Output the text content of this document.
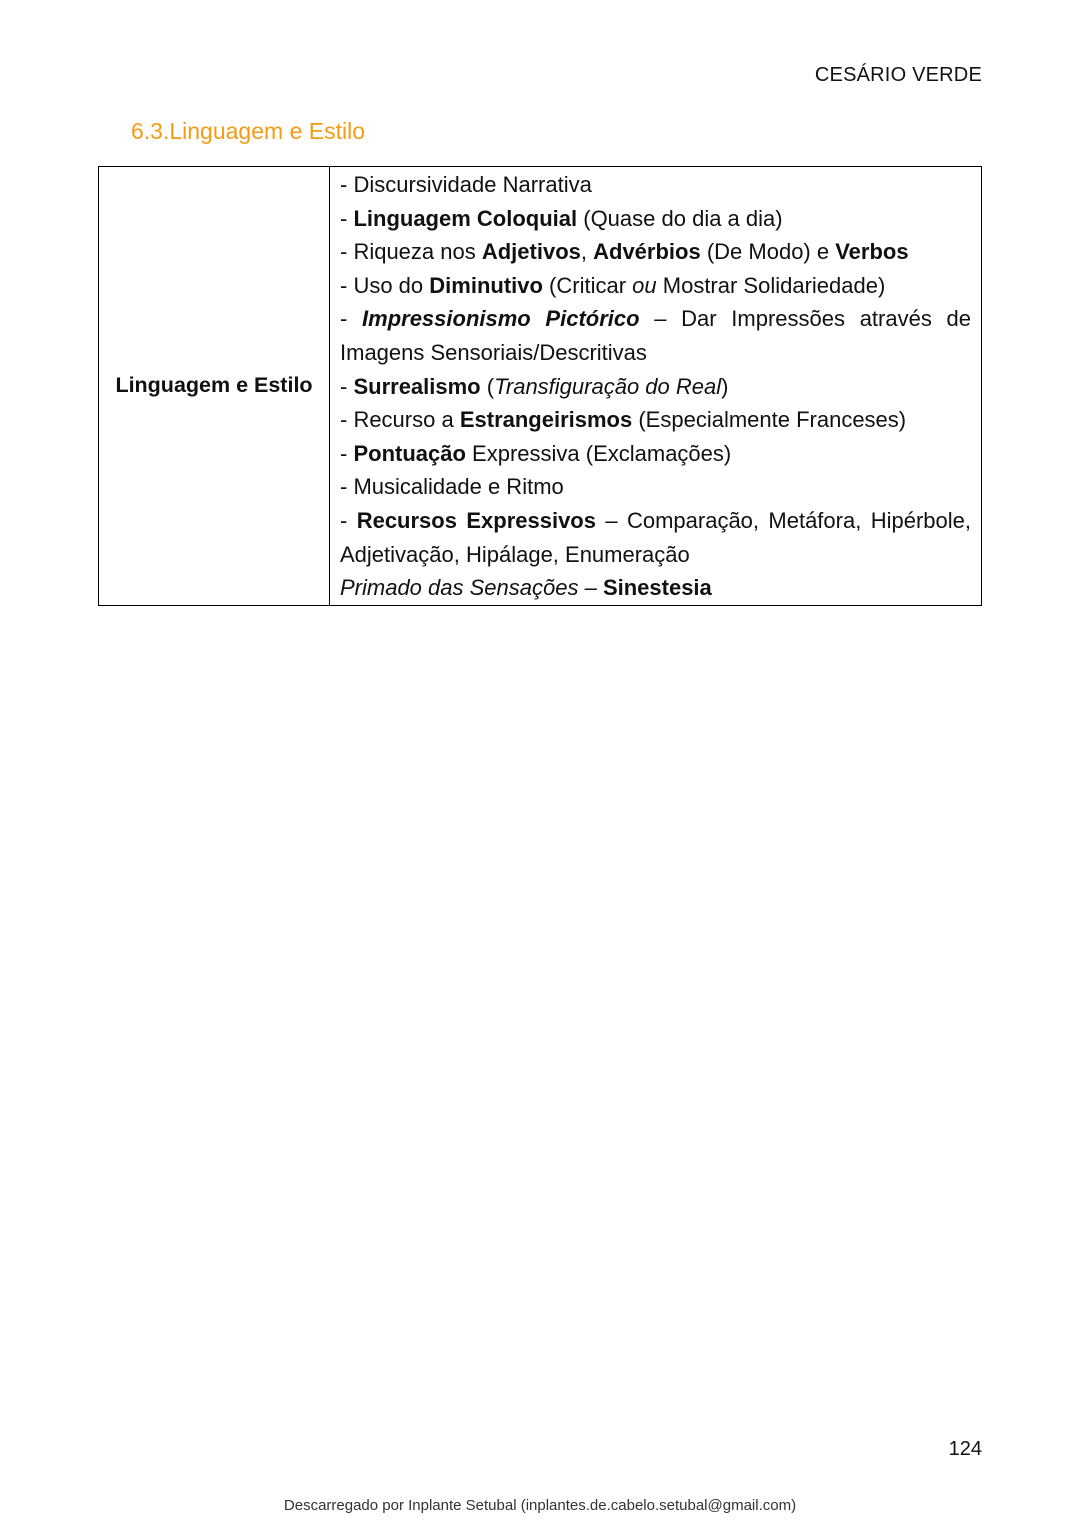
CESÁRIO VERDE
6.3.Linguagem e Estilo
Linguagem e Estilo	
- Discursividade Narrativa
- Linguagem Coloquial (Quase do dia a dia)
- Riqueza nos Adjetivos, Advérbios (De Modo) e Verbos
- Uso do Diminutivo (Criticar ou Mostrar Solidariedade)
- Impressionismo Pictórico – Dar Impressões através de Imagens Sensoriais/Descritivas
- Surrealismo (Transfiguração do Real)
- Recurso a Estrangeirismos (Especialmente Franceses)
- Pontuação Expressiva (Exclamações)
- Musicalidade e Ritmo
- Recursos Expressivos – Comparação, Metáfora, Hipérbole, Adjetivação, Hipálage, Enumeração
Primado das Sensações – Sinestesia
124
Descarregado por Inplante Setubal (inplantes.de.cabelo.setubal@gmail.com)
